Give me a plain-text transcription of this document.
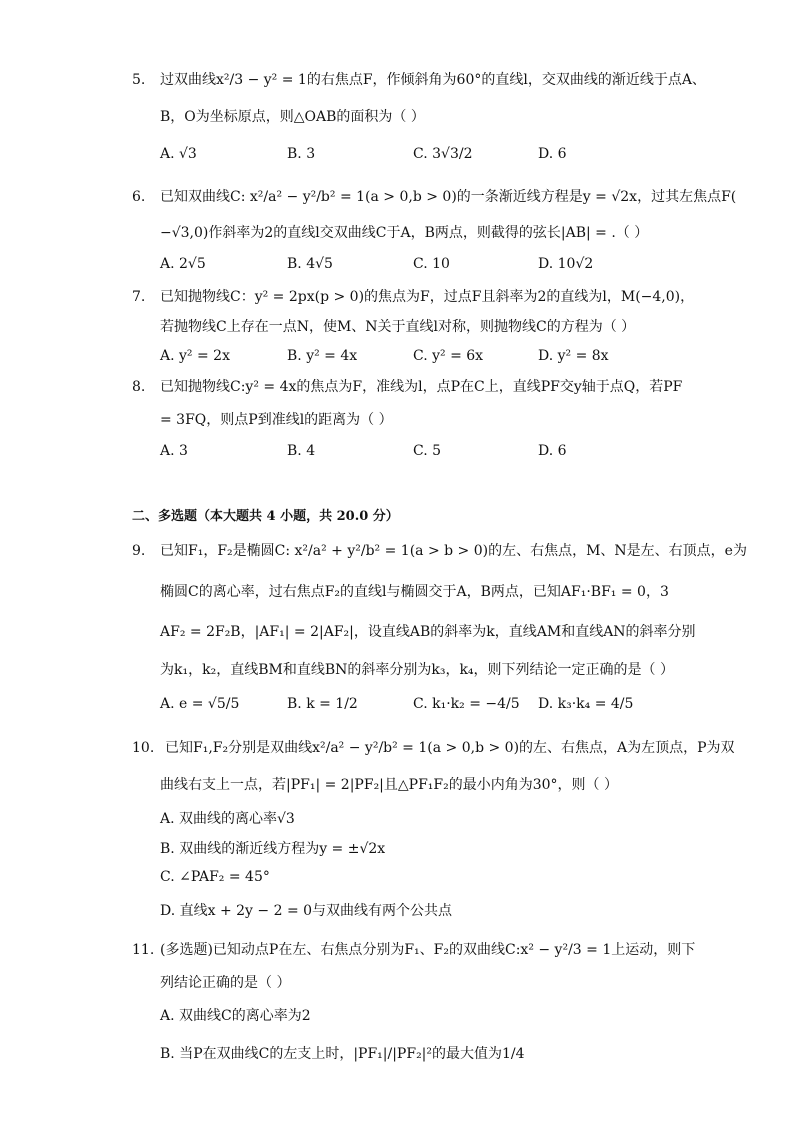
5. 过双曲线x²/3 − y² = 1的右焦点F，作倾斜角为60°的直线l，交双曲线的渐近线于点A、
B，O为坐标原点，则△OAB的面积为（ ）
A. √3	B. 3	C. 3√3/2	D. 6
6. 已知双曲线C: x²/a² − y²/b² = 1(a > 0,b > 0)的一条渐近线方程是y = √2x，过其左焦点F(
−√3,0)作斜率为2的直线l交双曲线C于A，B两点，则截得的弦长|AB| = .（ ）
A. 2√5	B. 4√5	C. 10	D. 10√2
7. 已知抛物线C：y² = 2px(p > 0)的焦点为F，过点F且斜率为2的直线为l，M(−4,0)，
若抛物线C上存在一点N，使M、N关于直线l对称，则抛物线C的方程为（ ）
A. y² = 2x	B. y² = 4x	C. y² = 6x	D. y² = 8x
8. 已知抛物线C:y² = 4x的焦点为F，准线为l，点P在C上，直线PF交y轴于点Q，若PF
= 3FQ，则点P到准线l的距离为（ ）
A. 3	B. 4	C. 5	D. 6
二、多选题（本大题共 4 小题，共 20.0 分）
9. 已知F₁，F₂是椭圆C: x²/a² + y²/b² = 1(a > b > 0)的左、右焦点，M、N是左、右顶点，e为
椭圆C的离心率，过右焦点F₂的直线l与椭圆交于A，B两点，已知AF₁·BF₁ = 0，3
AF₂ = 2F₂B，|AF₁| = 2|AF₂|，设直线AB的斜率为k，直线AM和直线AN的斜率分别
为k₁，k₂，直线BM和直线BN的斜率分别为k₃，k₄，则下列结论一定正确的是（ ）
A. e = √5/5	B. k = 1/2	C. k₁·k₂ = −4/5 D. k₃·k₄ = 4/5
10. 已知F₁,F₂分别是双曲线x²/a² − y²/b² = 1(a > 0,b > 0)的左、右焦点，A为左顶点，P为双
曲线右支上一点，若|PF₁| = 2|PF₂|且△PF₁F₂的最小内角为30°，则（ ）
A. 双曲线的离心率√3
B. 双曲线的渐近线方程为y = ±√2x
C. ∠PAF₂ = 45°
D. 直线x + 2y − 2 = 0与双曲线有两个公共点
11. (多选题)已知动点P在左、右焦点分别为F₁、F₂的双曲线C:x² − y²/3 = 1上运动，则下
列结论正确的是（ ）
A. 双曲线C的离心率为2
B. 当P在双曲线C的左支上时，|PF₁|/|PF₂|²的最大值为1/4
